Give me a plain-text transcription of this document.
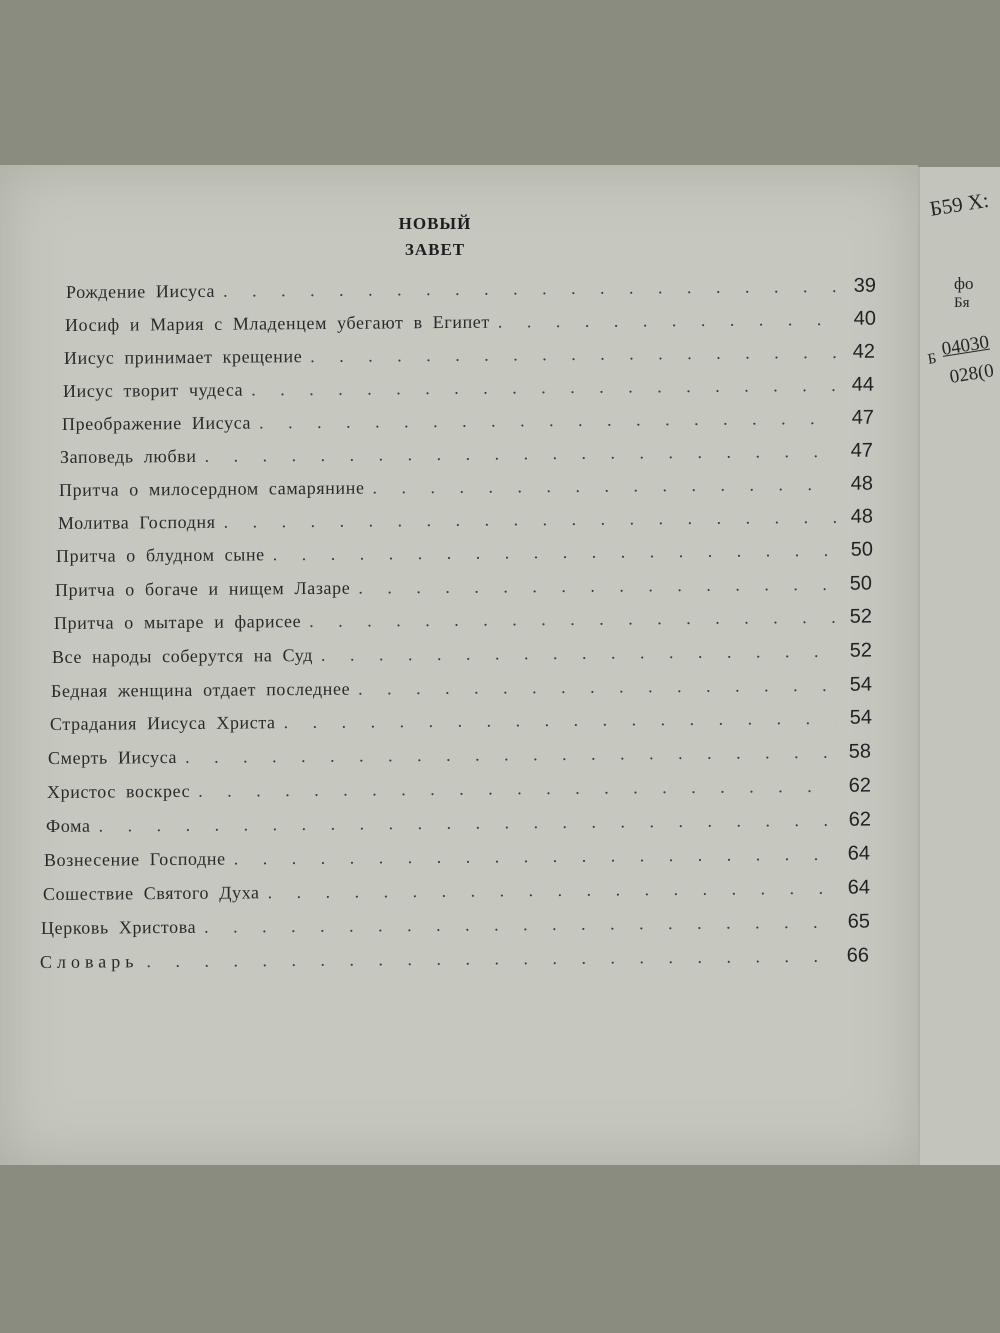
Б59 Х:
фо
Бя
Б 04030
028(0
НОВЫЙ
ЗАВЕТ
Рождение Иисуса . . .	39
Иосиф и Мария с Младенцем убегают в Египет . . .	40
Иисус принимает крещение . . .	42
Иисус творит чудеса . . .	44
Преображение Иисуса . . .	47
Заповедь любви . . .	47
Притча о милосердном самарянине . . .	48
Молитва Господня . . .	48
Притча о блудном сыне . . .	50
Притча о богаче и нищем Лазаре . . .	50
Притча о мытаре и фарисее . . .	52
Все народы соберутся на Суд . . .	52
Бедная женщина отдает последнее . . .	54
Страдания Иисуса Христа . . .	54
Смерть Иисуса . . .	58
Христос воскрес . . .	62
Фома . . .	62
Вознесение Господне . . .	64
Сошествие Святого Духа . . .	64
Церковь Христова . . .	65
Словарь . . .	66
